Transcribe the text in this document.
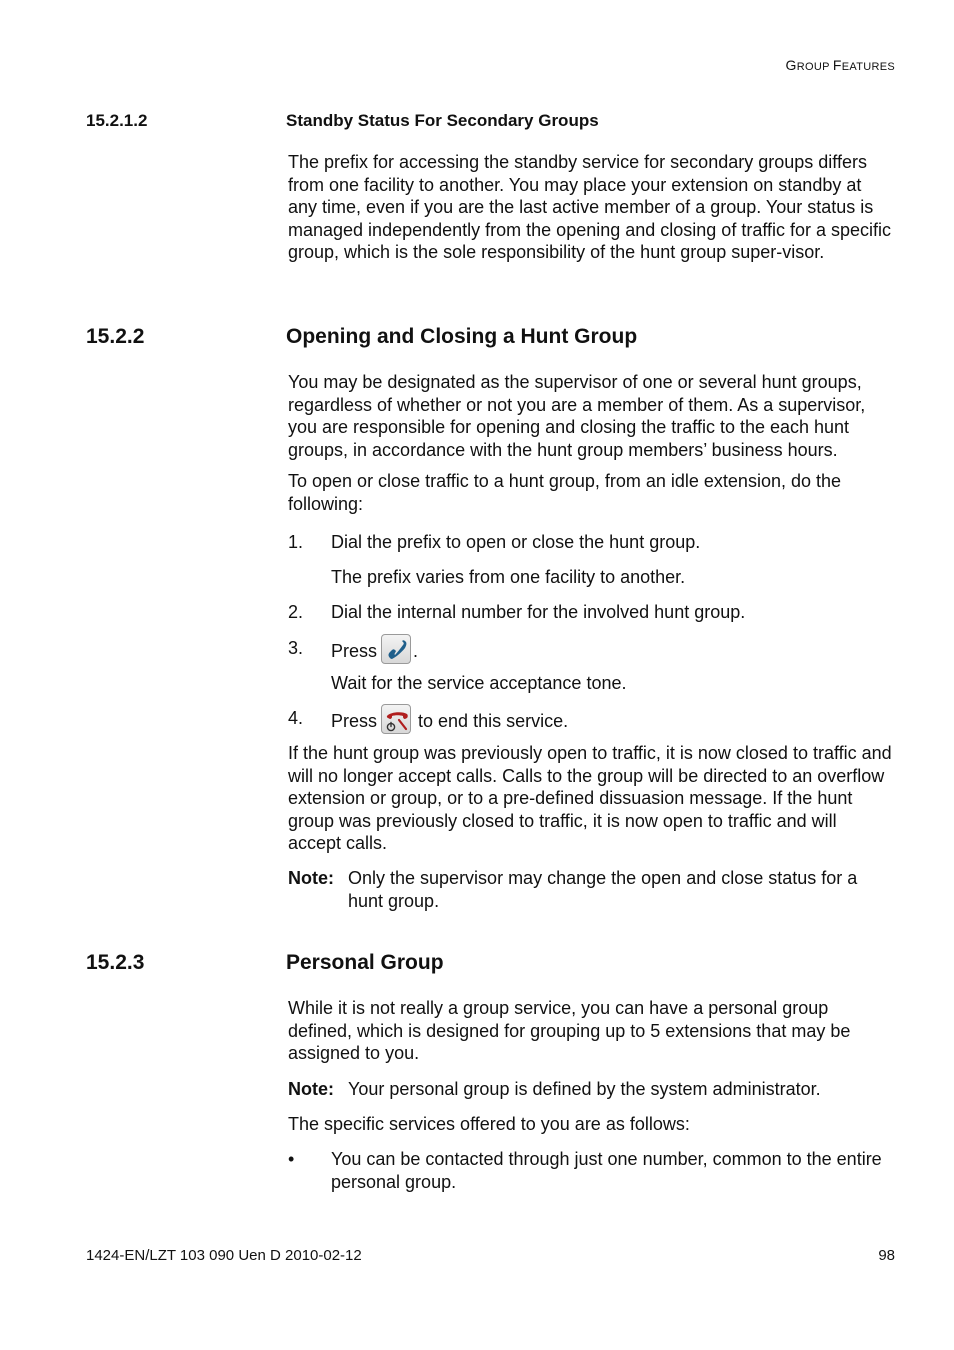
GROUP FEATURES
15.2.1.2	Standby Status For Secondary Groups

The prefix for accessing the standby service for secondary groups differs from one facility to another. You may place your extension on standby at any time, even if you are the last active member of a group. Your status is managed independently from the opening and closing of traffic for a specific group, which is the sole responsibility of the hunt group super-visor.

15.2.2	Opening and Closing a Hunt Group

You may be designated as the supervisor of one or several hunt groups, regardless of whether or not you are a member of them. As a supervisor, you are responsible for opening and closing the traffic to the each hunt groups, in accordance with the hunt group members’ business hours.

To open or close traffic to a hunt group, from an idle extension, do the following:

1. Dial the prefix to open or close the hunt group.
The prefix varies from one facility to another.
2. Dial the internal number for the involved hunt group.
3. Press .
Wait for the service acceptance tone.
4. Press
to end this service.

If the hunt group was previously open to traffic, it is now closed to traffic and will no longer accept calls. Calls to the group will be directed to an overflow extension or group, or to a pre-defined dissuasion message. If the hunt group was previously closed to traffic, it is now open to traffic and will accept calls.

Note: Only the supervisor may change the open and close status for a hunt group.
15.2.3	Personal Group

While it is not really a group service, you can have a personal group defined, which is designed for grouping up to 5 extensions that may be assigned to you.

Note: Your personal group is defined by the system administrator.

The specific services offered to you are as follows:

• You can be contacted through just one number, common to the entire personal group.
1424-EN/LZT 103 090 Uen D 2010-02-12	98
